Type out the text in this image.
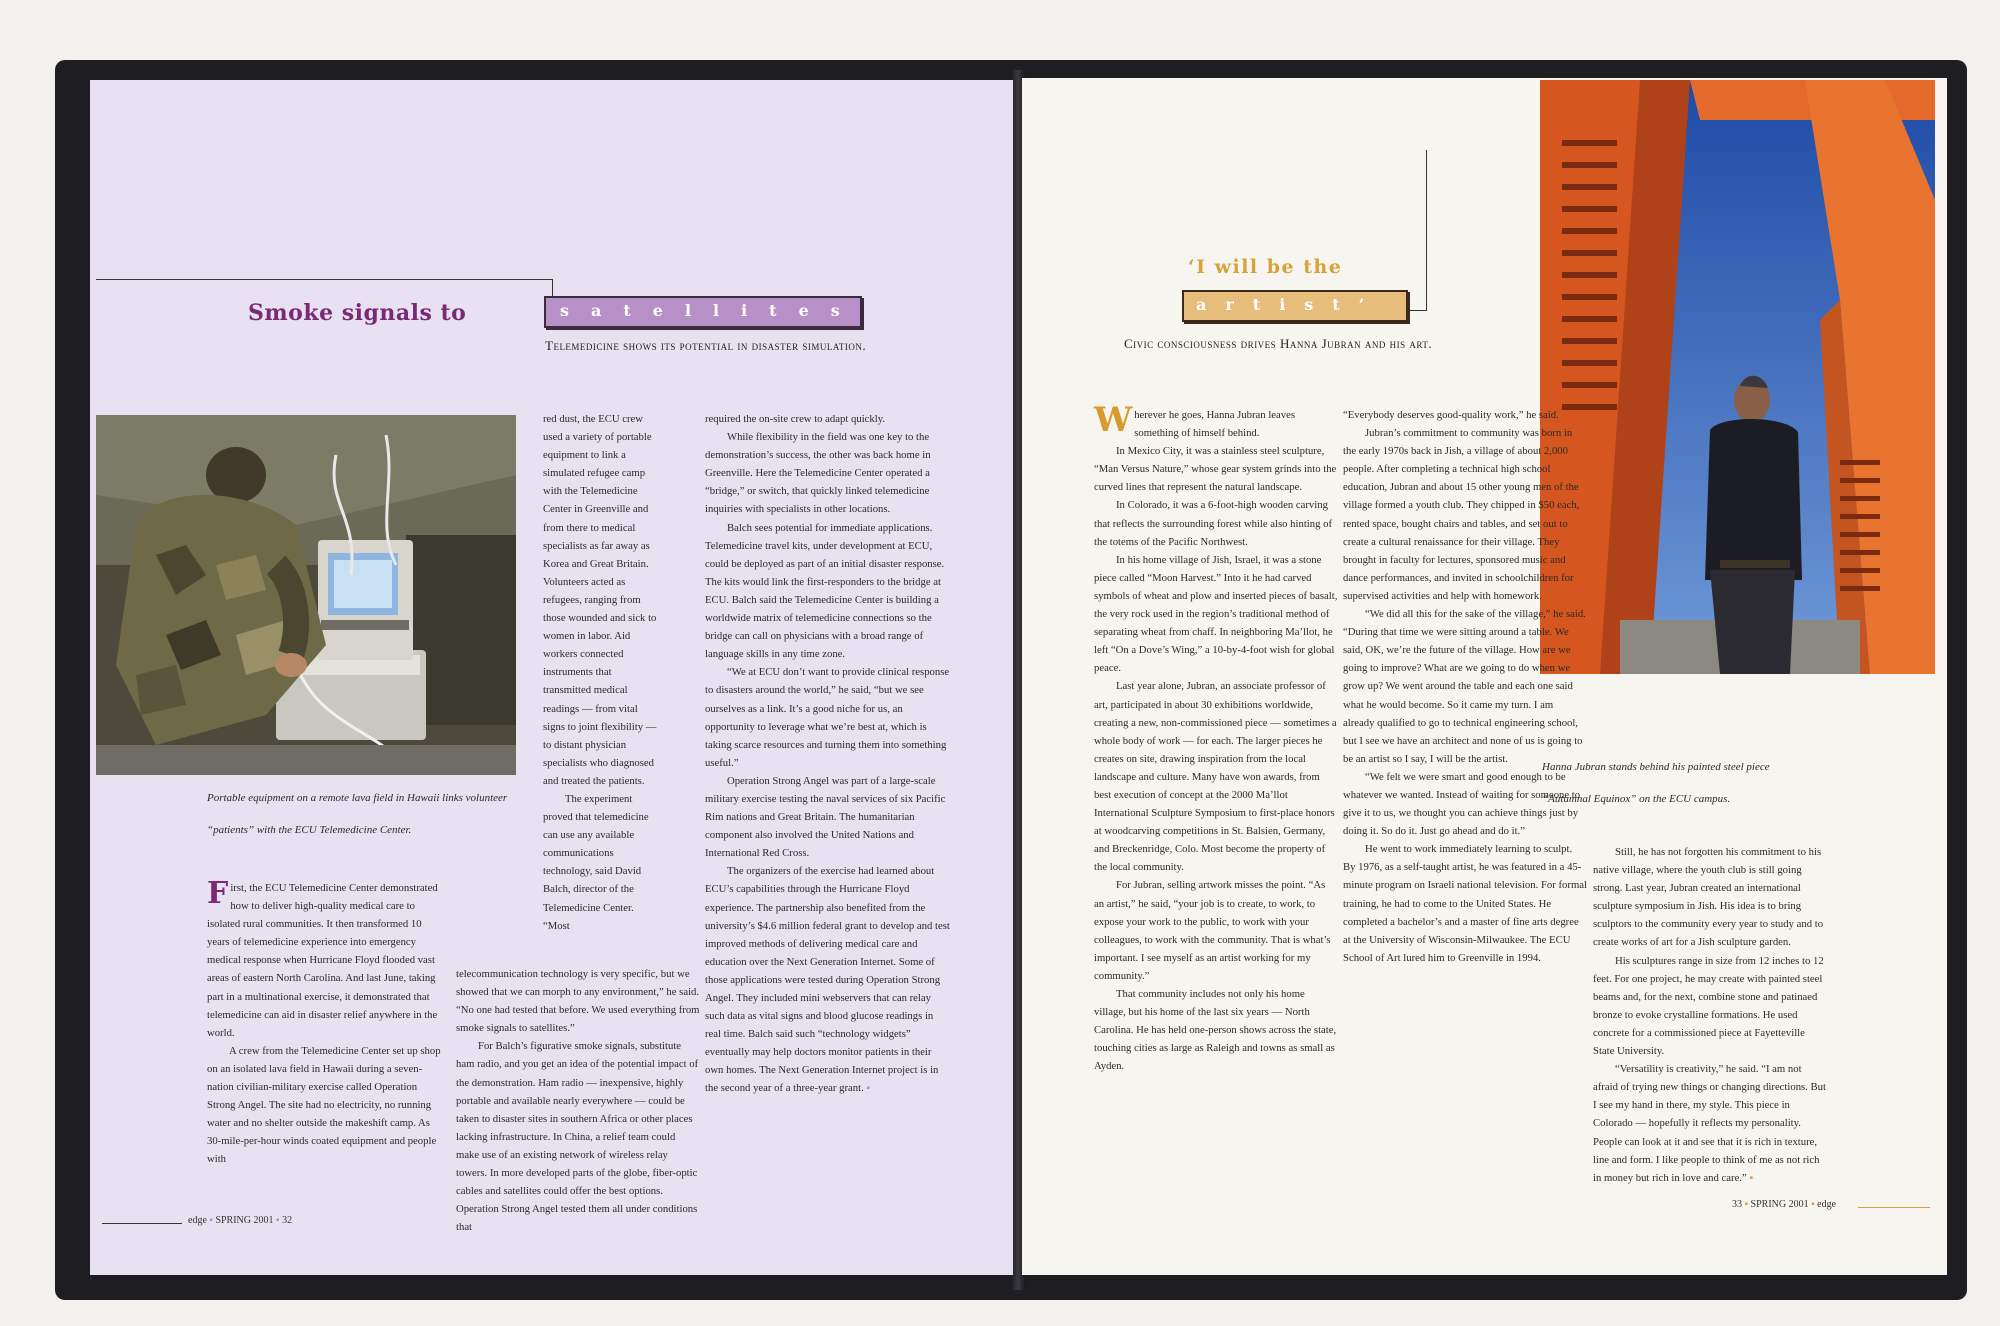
Smoke signals to	satellites
Telemedicine shows its potential in disaster simulation.
Portable equipment on a remote lava field in Hawaii links volunteer
“patients” with the ECU Telemedicine Center.

First, the ECU Telemedicine Center demonstrated how to deliver high-quality medical care to isolated rural communities. It then transformed 10 years of telemedicine experience into emergency medical response when Hurricane Floyd flooded vast areas of eastern North Carolina. And last June, taking part in a multinational exercise, it demonstrated that telemedicine can aid in disaster relief anywhere in the world.

A crew from the Telemedicine Center set up shop on an isolated lava field in Hawaii during a seven-nation civilian-military exercise called Operation Strong Angel. The site had no electricity, no running water and no shelter outside the makeshift camp. As 30-mile-per-hour winds coated equipment and people with

red dust, the ECU crew used a variety of portable equipment to link a simulated refugee camp with the Telemedicine Center in Greenville and from there to medical specialists as far away as Korea and Great Britain. Volunteers acted as refugees, ranging from those wounded and sick to women in labor. Aid workers connected instruments that transmitted medical readings — from vital signs to joint flexibility — to distant physician specialists who diagnosed and treated the patients.

The experiment proved that telemedicine can use any available communications technology, said David Balch, director of the Telemedicine Center. “Most

telecommunication technology is very specific, but we showed that we can morph to any environment,” he said. “No one had tested that before. We used everything from smoke signals to satellites.”

For Balch’s figurative smoke signals, substitute ham radio, and you get an idea of the potential impact of the demonstration. Ham radio — inexpensive, highly portable and available nearly everywhere — could be taken to disaster sites in southern Africa or other places lacking infrastructure. In China, a relief team could make use of an existing network of wireless relay towers. In more developed parts of the globe, fiber-optic cables and satellites could offer the best options. Operation Strong Angel tested them all under conditions that

required the on-site crew to adapt quickly.

While flexibility in the field was one key to the demonstration’s success, the other was back home in Greenville. Here the Telemedicine Center operated a “bridge,” or switch, that quickly linked telemedicine inquiries with specialists in other locations.

Balch sees potential for immediate applications. Telemedicine travel kits, under development at ECU, could be deployed as part of an initial disaster response. The kits would link the first-responders to the bridge at ECU. Balch said the Telemedicine Center is building a worldwide matrix of telemedicine connections so the bridge can call on physicians with a broad range of language skills in any time zone.

“We at ECU don’t want to provide clinical response to disasters around the world,” he said, “but we see ourselves as a link. It’s a good niche for us, an opportunity to leverage what we’re best at, which is taking scarce resources and turning them into something useful.”

Operation Strong Angel was part of a large-scale military exercise testing the naval services of six Pacific Rim nations and Great Britain. The humanitarian component also involved the United Nations and International Red Cross.

The organizers of the exercise had learned about ECU’s capabilities through the Hurricane Floyd experience. The partnership also benefited from the university’s $4.6 million federal grant to develop and test improved methods of delivering medical care and education over the Next Generation Internet. Some of those applications were tested during Operation Strong Angel. They included mini webservers that can relay such data as vital signs and blood glucose readings in real time. Balch said such “technology widgets” eventually may help doctors monitor patients in their own homes. The Next Generation Internet project is in the second year of a three-year grant. ▪

edge ▪ SPRING 2001 ▪ 32
‘I will be the
artist’
Civic consciousness drives Hanna Jubran and his art.
Hanna Jubran stands behind his painted steel piece
“Autumnal Equinox” on the ECU campus.

Wherever he goes, Hanna Jubran leaves something of himself behind.

In Mexico City, it was a stainless steel sculpture, “Man Versus Nature,” whose gear system grinds into the curved lines that represent the natural landscape.

In Colorado, it was a 6-foot-high wooden carving that reflects the surrounding forest while also hinting of the totems of the Pacific Northwest.

In his home village of Jish, Israel, it was a stone piece called “Moon Harvest.” Into it he had carved symbols of wheat and plow and inserted pieces of basalt, the very rock used in the region’s traditional method of separating wheat from chaff. In neighboring Ma’llot, he left “On a Dove’s Wing,” a 10-by-4-foot wish for global peace.

Last year alone, Jubran, an associate professor of art, participated in about 30 exhibitions worldwide, creating a new, non-commissioned piece — sometimes a whole body of work — for each. The larger pieces he creates on site, drawing inspiration from the local landscape and culture. Many have won awards, from best execution of concept at the 2000 Ma’llot International Sculpture Symposium to first-place honors at woodcarving competitions in St. Balsien, Germany, and Breckenridge, Colo. Most become the property of the local community.

For Jubran, selling artwork misses the point. “As an artist,” he said, “your job is to create, to work, to expose your work to the public, to work with your colleagues, to work with the community. That is what’s important. I see myself as an artist working for my community.”

That community includes not only his home village, but his home of the last six years — North Carolina. He has held one-person shows across the state, touching cities as large as Raleigh and towns as small as Ayden.

“Everybody deserves good-quality work,” he said.

Jubran’s commitment to community was born in the early 1970s back in Jish, a village of about 2,000 people. After completing a technical high school education, Jubran and about 15 other young men of the village formed a youth club. They chipped in $50 each, rented space, bought chairs and tables, and set out to create a cultural renaissance for their village. They brought in faculty for lectures, sponsored music and dance performances, and invited in schoolchildren for supervised activities and help with homework.

“We did all this for the sake of the village,” he said. “During that time we were sitting around a table. We said, OK, we’re the future of the village. How are we going to improve? What are we going to do when we grow up? We went around the table and each one said what he would become. So it came my turn. I am already qualified to go to technical engineering school, but I see we have an architect and none of us is going to be an artist so I say, I will be the artist.

“We felt we were smart and good enough to be whatever we wanted. Instead of waiting for someone to give it to us, we thought you can achieve things just by doing it. So do it. Just go ahead and do it.”

He went to work immediately learning to sculpt. By 1976, as a self-taught artist, he was featured in a 45-minute program on Israeli national television. For formal training, he had to come to the United States. He completed a bachelor’s and a master of fine arts degree at the University of Wisconsin-Milwaukee. The ECU School of Art lured him to Greenville in 1994.

Still, he has not forgotten his commitment to his native village, where the youth club is still going strong. Last year, Jubran created an international sculpture symposium in Jish. His idea is to bring sculptors to the community every year to study and to create works of art for a Jish sculpture garden.

His sculptures range in size from 12 inches to 12 feet. For one project, he may create with painted steel beams and, for the next, combine stone and patinaed bronze to evoke crystalline formations. He used concrete for a commissioned piece at Fayetteville State University.

“Versatility is creativity,” he said. “I am not afraid of trying new things or changing directions. But I see my hand in there, my style. This piece in Colorado — hopefully it reflects my personality. People can look at it and see that it is rich in texture, line and form. I like people to think of me as not rich in money but rich in love and care.” ▪

33 ▪ SPRING 2001 ▪ edge
